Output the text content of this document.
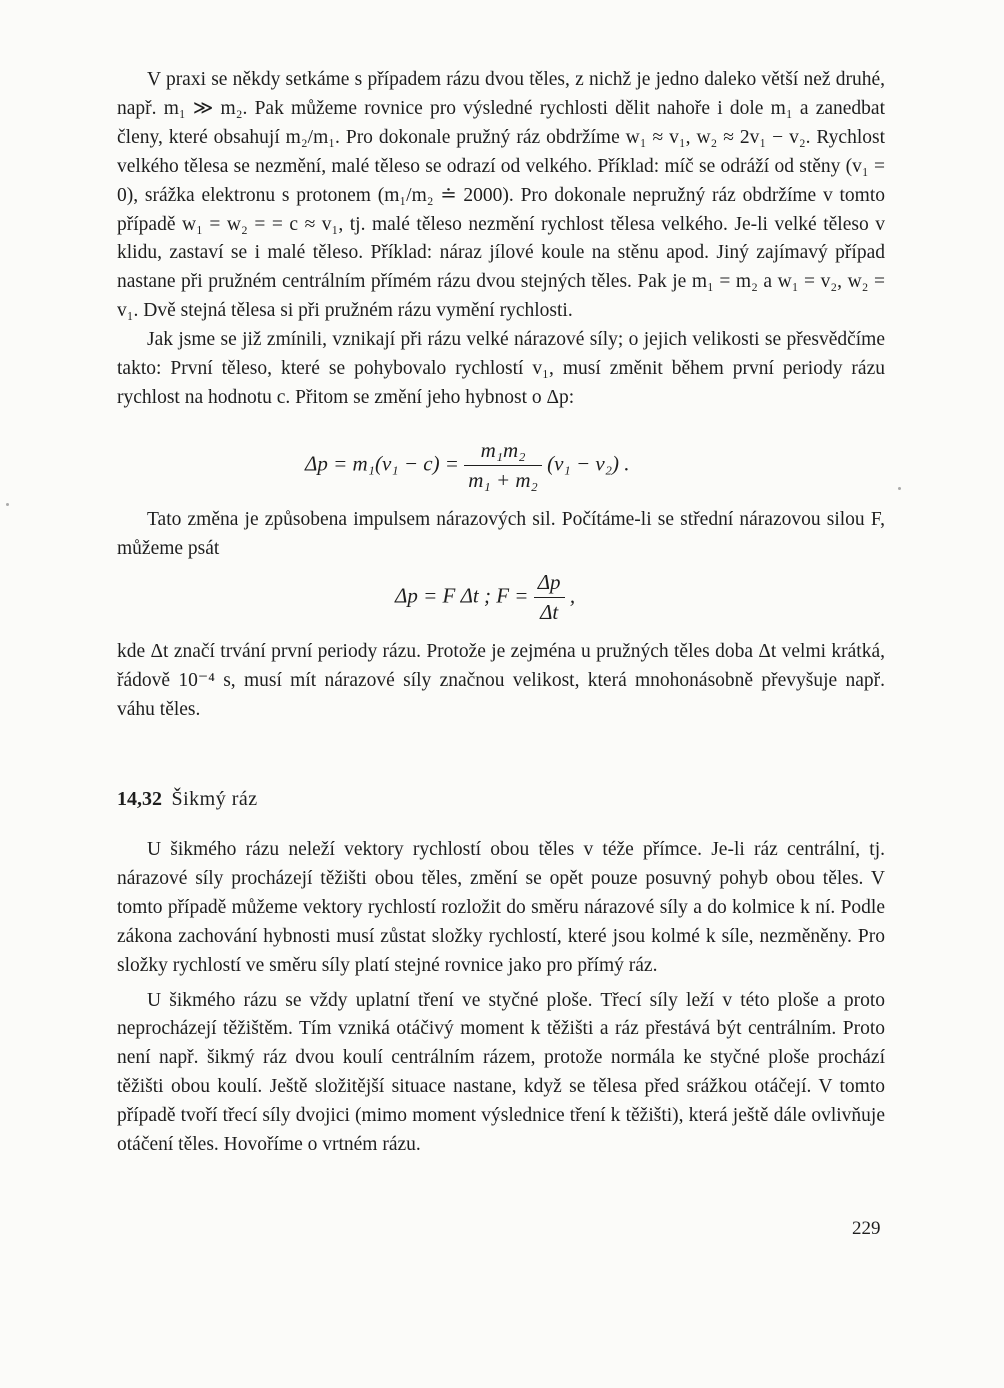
V praxi se někdy setkáme s případem rázu dvou těles, z nichž je jedno daleko větší než druhé, např. m₁ ≫ m₂. Pak můžeme rovnice pro výsledné rychlosti dělit nahoře i dole m₁ a zanedbat členy, které obsahují m₂/m₁. Pro dokonale pružný ráz obdržíme w₁ ≈ v₁, w₂ ≈ 2v₁ − v₂. Rychlost velkého tělesa se nezmění, malé těleso se odrazí od velkého. Příklad: míč se odráží od stěny (v₁ = 0), srážka elektronu s protonem (m₁/m₂ ≐ 2000). Pro dokonale nepružný ráz obdržíme v tomto případě w₁ = w₂ = = c ≈ v₁, tj. malé těleso nezmění rychlost tělesa velkého. Je-li velké těleso v klidu, zastaví se i malé těleso. Příklad: náraz jílové koule na stěnu apod. Jiný zajímavý případ nastane při pružném centrálním přímém rázu dvou stejných těles. Pak je m₁ = m₂ a w₁ = v₂, w₂ = v₁. Dvě stejná tělesa si při pružném rázu vymění rychlosti.

Jak jsme se již zmínili, vznikají při rázu velké nárazové síly; o jejich velikosti se přesvědčíme takto: První těleso, které se pohybovalo rychlostí v₁, musí změnit během první periody rázu rychlost na hodnotu c. Přitom se změní jeho hybnost o Δp:

$\Delta p = m_1(v_1 - c) = \frac{\text{m₁m₂}}{\text{m₁ + m₂}} (v_1 - v_2)$ .

Tato změna je způsobena impulsem nárazových sil. Počítáme-li se střední nárazovou silou F, můžeme psát

Δp = F Δt ; $F = \frac{\Delta p}{\Delta t}$ ,

kde Δt značí trvání první periody rázu. Protože je zejména u pružných těles doba Δt velmi krátká, řádově 10⁻⁴ s, musí mít nárazové síly značnou velikost, která mnohonásobně převyšuje např. váhu těles.

14,32 Šikmý ráz

U šikmého rázu neleží vektory rychlostí obou těles v téže přímce. Je-li ráz centrální, tj. nárazové síly procházejí těžišti obou těles, změní se opět pouze posuvný pohyb obou těles. V tomto případě můžeme vektory rychlostí rozložit do směru nárazové síly a do kolmice k ní. Podle zákona zachování hybnosti musí zůstat složky rychlostí, které jsou kolmé k síle, nezměněny. Pro složky rychlostí ve směru síly platí stejné rovnice jako pro přímý ráz.

U šikmého rázu se vždy uplatní tření ve styčné ploše. Třecí síly leží v této ploše a proto neprocházejí těžištěm. Tím vzniká otáčivý moment k těžišti a ráz přestává být centrálním. Proto není např. šikmý ráz dvou koulí centrálním rázem, protože normála ke styčné ploše prochází těžišti obou koulí. Ještě složitější situace nastane, když se tělesa před srážkou otáčejí. V tomto případě tvoří třecí síly dvojici (mimo moment výslednice tření k těžišti), která ještě dále ovlivňuje otáčení těles. Hovoříme o vrtném rázu.

229
